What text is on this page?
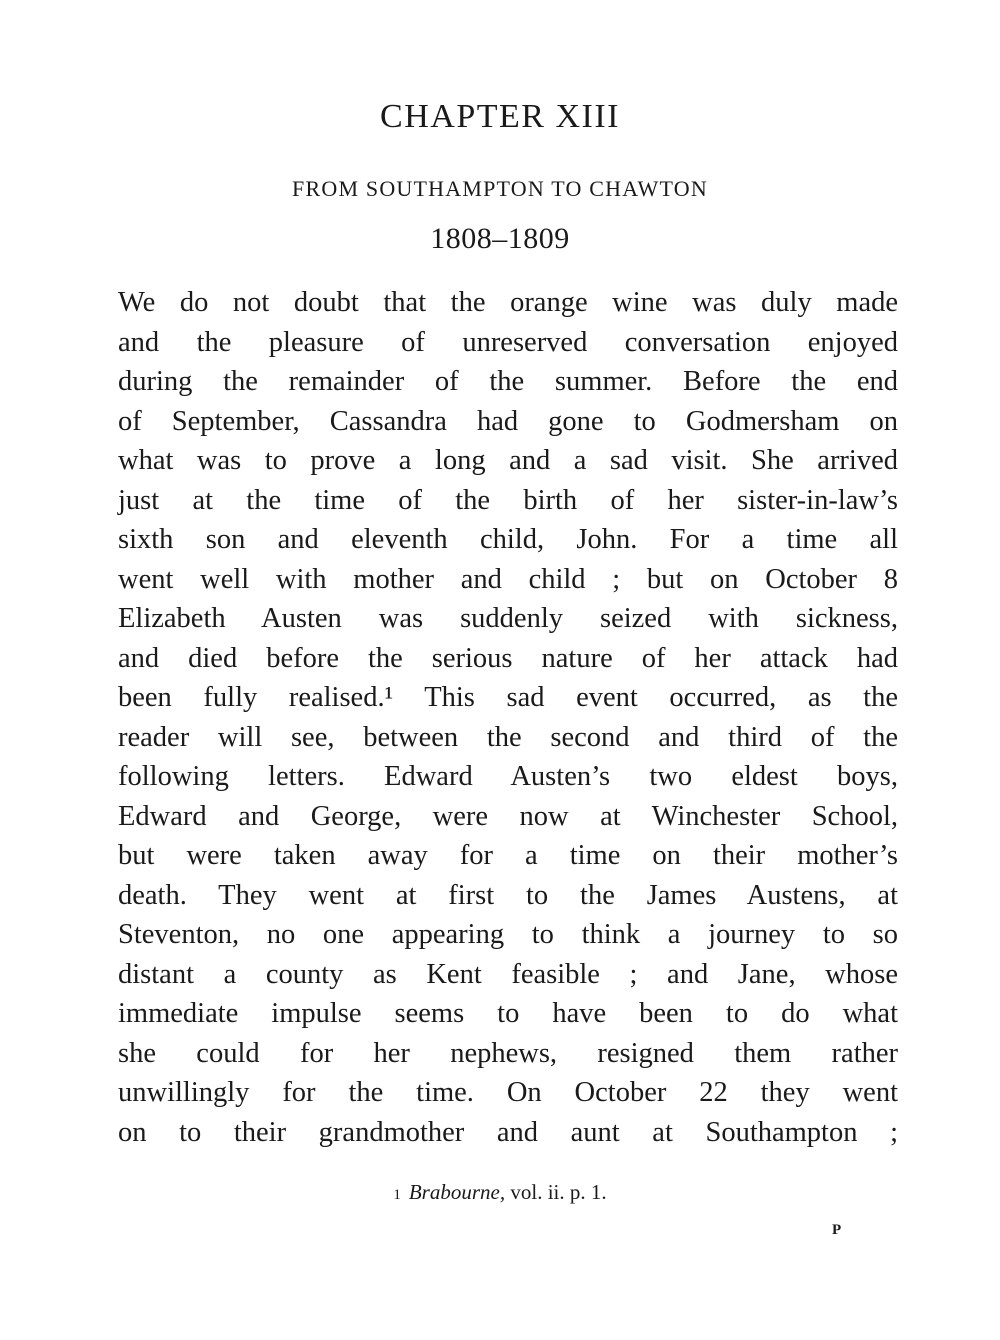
CHAPTER XIII
FROM SOUTHAMPTON TO CHAWTON
1808–1809
We do not doubt that the orange wine was duly made
and the pleasure of unreserved conversation enjoyed
during the remainder of the summer. Before the end
of September, Cassandra had gone to Godmersham on
what was to prove a long and a sad visit. She arrived
just at the time of the birth of her sister-in-law’s
sixth son and eleventh child, John. For a time all
went well with mother and child ; but on October 8
Elizabeth Austen was suddenly seized with sickness,
and died before the serious nature of her attack had
been fully realised.¹ This sad event occurred, as the
reader will see, between the second and third of the
following letters. Edward Austen’s two eldest boys,
Edward and George, were now at Winchester School,
but were taken away for a time on their mother’s
death. They went at first to the James Austens, at
Steventon, no one appearing to think a journey to so
distant a county as Kent feasible ; and Jane, whose
immediate impulse seems to have been to do what
she could for her nephews, resigned them rather
unwillingly for the time. On October 22 they went
on to their grandmother and aunt at Southampton ;
1 Brabourne, vol. ii. p. 1.
P
